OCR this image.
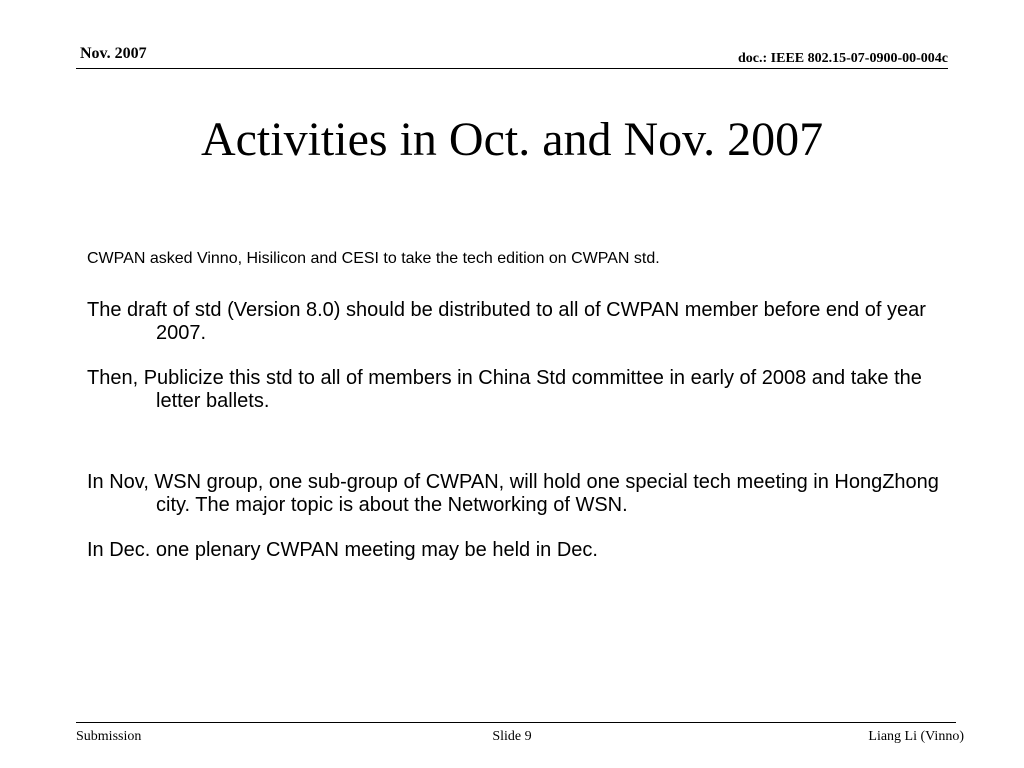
Nov. 2007	doc.: IEEE 802.15-07-0900-00-004c
Activities in Oct. and Nov. 2007
CWPAN asked Vinno, Hisilicon and CESI to take the tech edition on CWPAN std.
The draft of std (Version 8.0) should be distributed to all of CWPAN member before end of year 2007.
Then, Publicize this std to all of members in China Std committee in early of 2008 and take the letter ballets.
In Nov, WSN group, one sub-group of CWPAN, will hold one special tech meeting in HongZhong city. The major topic is about the Networking of WSN.
In Dec. one plenary CWPAN meeting may be held in Dec.
Submission	Slide 9	Liang Li (Vinno)
